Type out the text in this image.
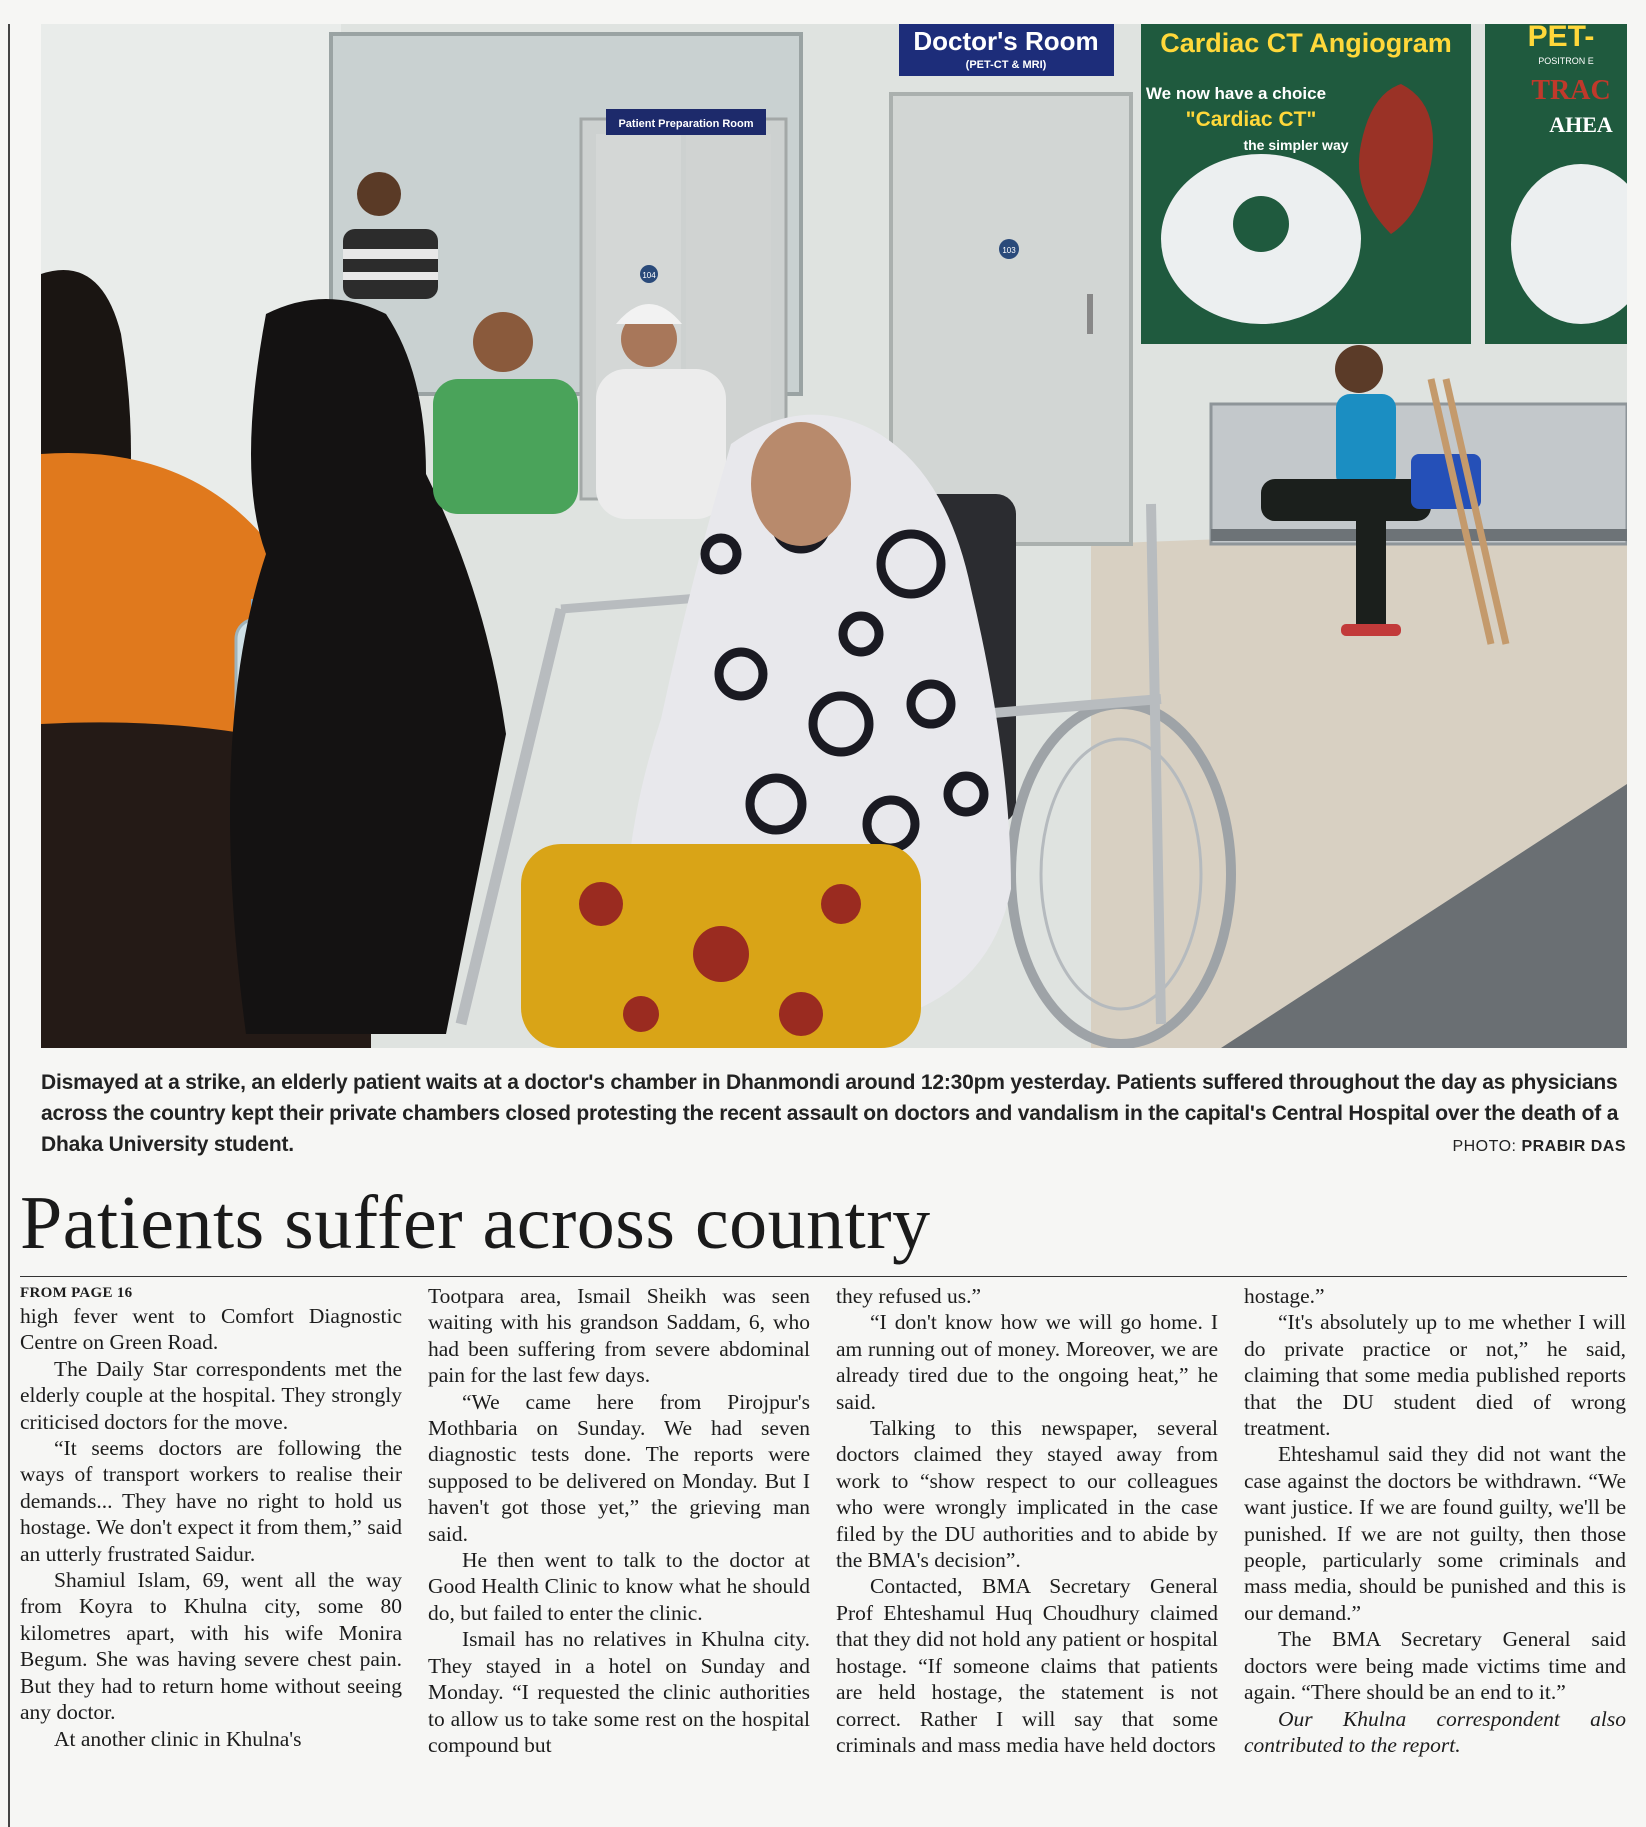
Patient Preparation Room
104
Doctor's Room
(PET-CT & MRI)
103
Cardiac CT Angiogram
We now have a choice
"Cardiac CT"
the simpler way
PET-
POSITRON E
TRAC
AHEA
Dismayed at a strike, an elderly patient waits at a doctor's chamber in Dhanmondi around 12:30pm yesterday. Patients suffered throughout the day as physicians across the country kept their private chambers closed protesting the recent assault on doctors and vandalism in the capital's Central Hospital over the death of a Dhaka University student.	PHOTO: PRABIR DAS
Patients suffer across country
FROM PAGE 16

high fever went to Comfort Diagnostic Centre on Green Road.

The Daily Star correspondents met the elderly couple at the hospital. They strongly criticised doctors for the move.

“It seems doctors are following the ways of transport workers to realise their demands... They have no right to hold us hostage. We don't expect it from them,” said an utterly frustrated Saidur.

Shamiul Islam, 69, went all the way from Koyra to Khulna city, some 80 kilometres apart, with his wife Monira Begum. She was having severe chest pain. But they had to return home without seeing any doctor.

At another clinic in Khulna's

Tootpara area, Ismail Sheikh was seen waiting with his grandson Saddam, 6, who had been suffering from severe abdominal pain for the last few days.

“We came here from Pirojpur's Mothbaria on Sunday. We had seven diagnostic tests done. The reports were supposed to be delivered on Monday. But I haven't got those yet,” the grieving man said.

He then went to talk to the doctor at Good Health Clinic to know what he should do, but failed to enter the clinic.

Ismail has no relatives in Khulna city. They stayed in a hotel on Sunday and Monday. “I requested the clinic authorities to allow us to take some rest on the hospital compound but

they refused us.”

“I don't know how we will go home. I am running out of money. Moreover, we are already tired due to the ongoing heat,” he said.

Talking to this newspaper, several doctors claimed they stayed away from work to “show respect to our colleagues who were wrongly implicated in the case filed by the DU authorities and to abide by the BMA's decision”.

Contacted, BMA Secretary General Prof Ehteshamul Huq Choudhury claimed that they did not hold any patient or hospital hostage. “If someone claims that patients are held hostage, the statement is not correct. Rather I will say that some criminals and mass media have held doctors

hostage.”

“It's absolutely up to me whether I will do private practice or not,” he said, claiming that some media published reports that the DU student died of wrong treatment.

Ehteshamul said they did not want the case against the doctors be withdrawn. “We want justice. If we are found guilty, we'll be punished. If we are not guilty, then those people, particularly some criminals and mass media, should be punished and this is our demand.”

The BMA Secretary General said doctors were being made victims time and again. “There should be an end to it.”

Our Khulna correspondent also contributed to the report.
